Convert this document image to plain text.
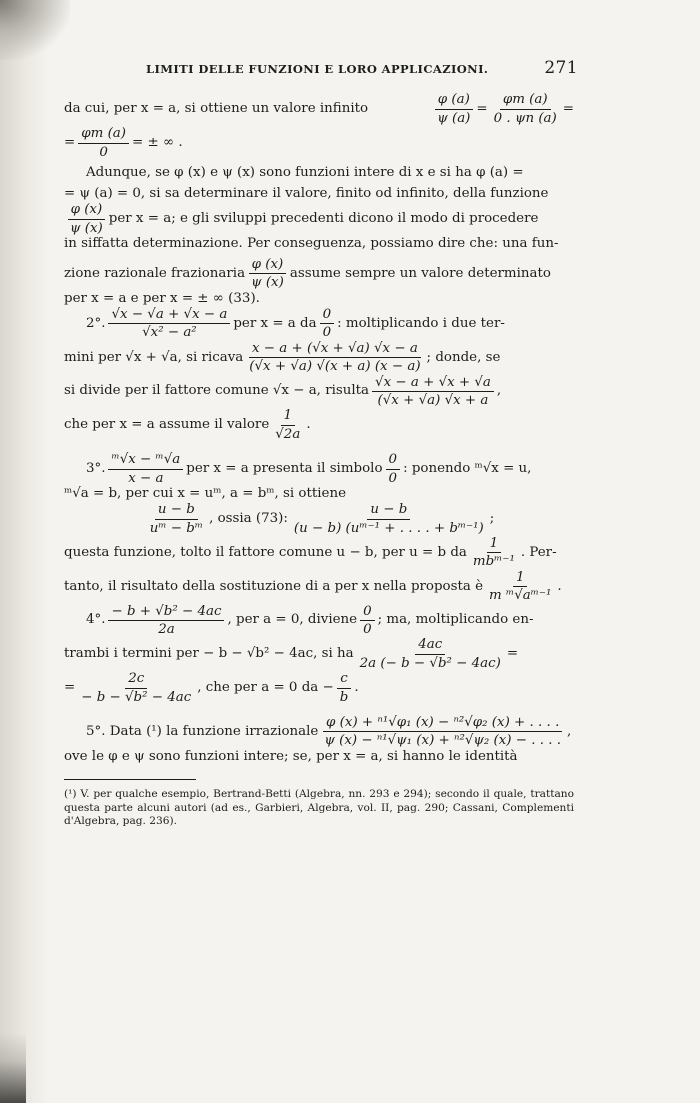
LIMITI DELLE FUNZIONI E LORO APPLICAZIONI.	271
da cui, per x = a, si ottiene un valore infinito	$\frac{\varphi (a)}{\psi (a)} = \frac{\varphi m (a)}{0 . \psi n (a)}$ =
= $\frac{\varphi m (a)}{0}$ = ± ∞ .
Adunque, se φ (x) e ψ (x) sono funzioni intere di x e si ha φ (a) =
= ψ (a) = 0, si sa determinare il valore, finito od infinito, della funzione
$\frac{\varphi (x)}{\psi (x)}$ per x = a; e gli sviluppi precedenti dicono il modo di procedere
in siffatta determinazione. Per conseguenza, possiamo dire che: una fun-
zione razionale frazionaria $\frac{\varphi (x)}{\psi (x)}$ assume sempre un valore determinato
per x = a e per x = ± ∞ (33).
2°. $\frac{√x - √a + √x - a}{\text{√x² − a²}}$ per x = a da $\frac{0}{0}$ : moltiplicando i due ter-
mini per √x + √a, si ricava $\frac{x - a + (√x + √a) √x - a}{(√x + √a) √(x + a) (x - a)}$ ; donde, se
si divide per il fattore comune √x − a, risulta $\frac{√x - a + √x + √a}{(√x + √a) √x + a}$ ,
che per x = a assume il valore $\frac{1}{√2a}$ .
3°. $\frac{\text{ᵐ√x − ᵐ√a}}{x - a}$ per x = a presenta il simbolo $\frac{0}{0}$ : ponendo ᵐ√x = u,
ᵐ√a = b, per cui x = uᵐ, a = bᵐ, si ottiene
$\frac{u - b}{\text{uᵐ − bᵐ}}$ , ossia (73): $\frac{u - b}{\text{(u − b) (uᵐ⁻¹ + . . . . + bᵐ⁻¹)}}$ ;
questa funzione, tolto il fattore comune u − b, per u = b da $\frac{1}{\text{mbᵐ⁻¹}}$ . Per-
tanto, il risultato della sostituzione di a per x nella proposta è $\frac{1}{\text{m ᵐ√aᵐ⁻¹}}$ .
4°. $\frac{\text{− b + √b² − 4ac}}{2a}$ , per a = 0, diviene $\frac{0}{0}$ ; ma, moltiplicando en-
trambi i termini per − b − √b² − 4ac, si ha $\frac{4ac}{\text{2a (− b − √b² − 4ac)}}$ =
= $\frac{2c}{\text{− b − √b² − 4ac}}$ , che per a = 0 da − $\frac{c}{b}$ .
5°. Data (¹) la funzione irrazionale $\frac{\text{φ (x) + ⁿ¹√φ₁ (x) − ⁿ²√φ₂ (x) + . . . .}}{\text{ψ (x) − ⁿ¹√ψ₁ (x) + ⁿ²√ψ₂ (x) − . . . .}}$ ,
ove le φ e ψ sono funzioni intere; se, per x = a, si hanno le identità
(¹) V. per qualche esempio, Bertrand-Betti (Algebra, nn. 293 e 294); secondo il quale, trattano questa parte alcuni autori (ad es., Garbieri, Algebra, vol. II, pag. 290; Cassani, Complementi d'Algebra, pag. 236).
